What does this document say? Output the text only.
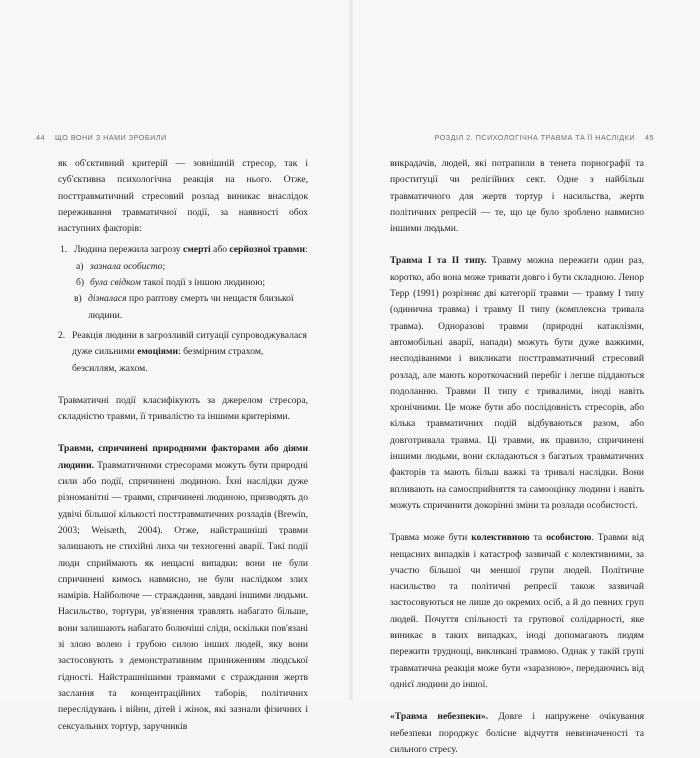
44 ЩО ВОНИ З НАМИ ЗРОБИЛИ

як об'єктивний критерій — зовнішній стресор, так і суб'єктивна психологічна реакція на нього. Отже, посттравматичний стресовий розлад виникає внаслідок переживання травматичної події, за наявності обох наступних факторів:

1. Людина пережила загрозу смерті або серйозної травми:
а) зазнала особисто;
б) була свідком такої події з іншою людиною;
в) дізналася про раптову смерть чи нещастя близької людини.
2. Реакція людини в загрозливій ситуації супроводжувалася дуже сильними емоціями: безмірним страхом, безсиллям, жахом.

Травматичні події класифікують за джерелом стресора, складністю травми, її тривалістю та іншими критеріями.

Травми, спричинені природними факторами або діями людини. Травматичними стресорами можуть бути природні сили або події, спричинені людиною. Їхні наслідки дуже різноманітні — травми, спричинені людиною, призводять до удвічі більшої кількості посттравматичних розладів (Brewin, 2003; Weisæth, 2004). Отже, найстрашніші травми залишають не стихійні лиха чи техногенні аварії. Такі події люди сприймають як нещасні випадки: вони не були спричинені кимось навмисно, не були наслідком злих намірів. Найболюче — страждання, завдані іншими людьми. Насильство, тортури, ув'язнення травлять набагато більше, вони залишають набагато болючіші сліди, оскільки пов'язані зі злою волею і грубою силою інших людей, яку вони застосовують з демонстративним приниженням людської гідності. Найстрашнішими травмами є страждання жертв заслання та концентраційних таборів, політичних переслідувань і війни, дітей і жінок, які зазнали фізичних і сексуальних тортур, заручників

РОЗДІЛ 2. ПСИХОЛОГІЧНА ТРАВМА ТА ЇЇ НАСЛІДКИ 45

викрадачів, людей, які потрапили в тенета порнографії та проституції чи релігійних сект. Одне з найбільш травматичного для жертв тортур і насильства, жертв політичних репресій — те, що це було зроблено навмисно іншими людьми.

Травма І та ІІ типу. Травму можна пережити один раз, коротко, або вона може тривати довго і бути складною. Ленор Терр (1991) розрізняє дві категорії травми — травму І типу (одинична травма) і травму ІІ типу (комплексна тривала травма). Одноразові травми (природні катаклізми, автомобільні аварії, напади) можуть бути дуже важкими, несподіваними і викликати посттравматичний стресовий розлад, але мають короткочасний перебіг і легше піддаються подоланню. Травми ІІ типу є тривалими, іноді навіть хронічними. Це може бути або послідовність стресорів, або кілька травматичних подій відбуваються разом, або довготривала травма. Ці травми, як правило, спричинені іншими людьми, вони складаються з багатьох травматичних факторів та мають більш важкі та тривалі наслідки. Вони впливають на самосприйняття та самооцінку людини і навіть можуть спричинити докорінні зміни та розлади особистості.

Травма може бути колективною та особистою. Травми від нещасних випадків і катастроф зазвичай є колективними, за участю більшої чи меншої групи людей. Політичне насильство та політичні репресії також зазвичай застосовуються не лише до окремих осіб, а й до певних груп людей. Почуття спільності та групової солідарності, яке виникає в таких випадках, іноді допомагають людям пережити труднощі, викликані травмою. Однак у такій групі травматична реакція може бути «заразною», передаючись від однієї людини до іншої.

«Травма небезпеки». Довге і напружене очікування небезпеки породжує болісне відчуття невизначеності та сильного стресу.
